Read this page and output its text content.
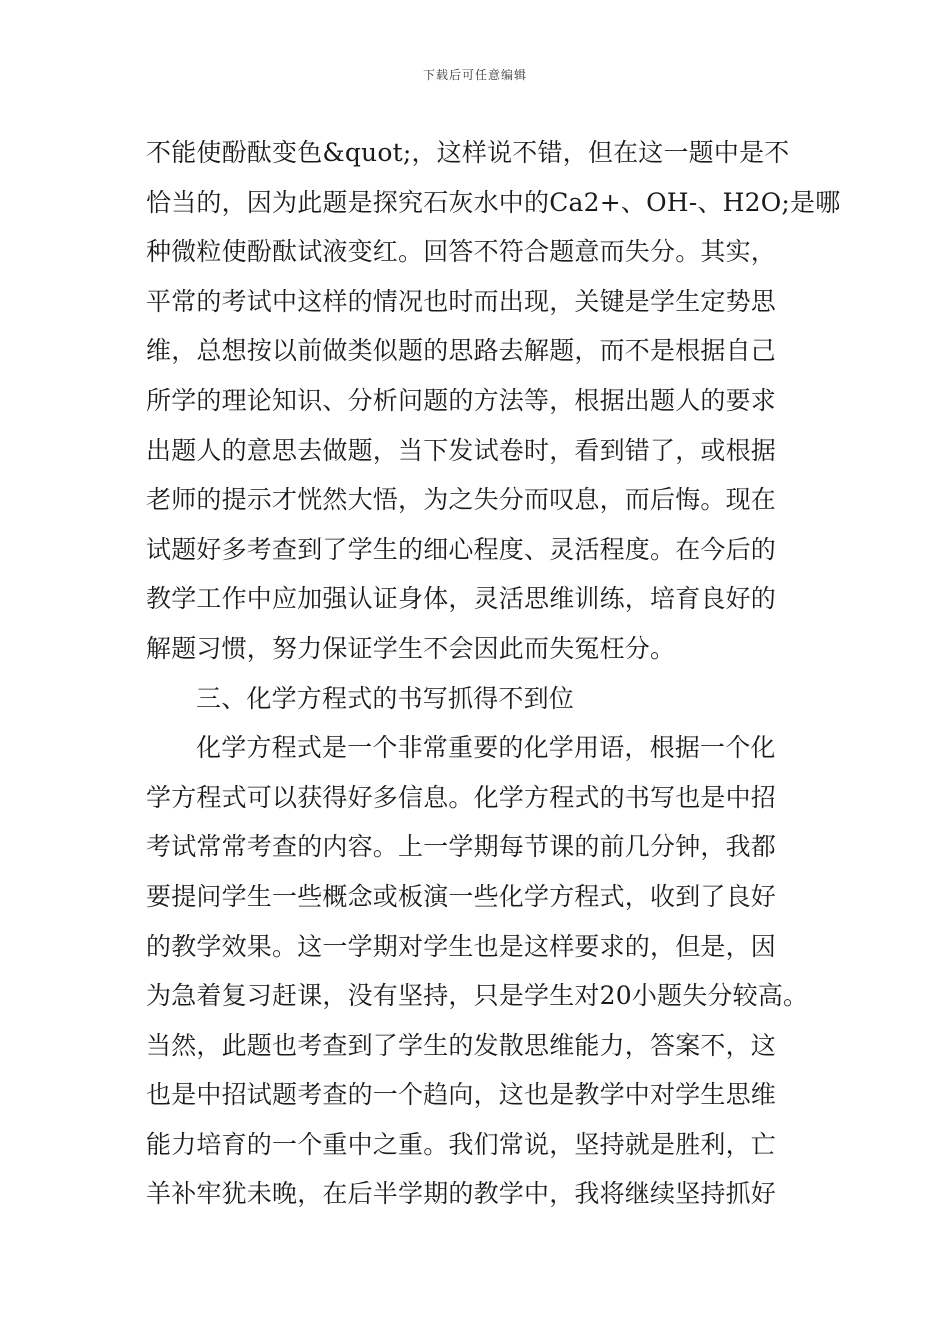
下载后可任意编辑
不能使酚酞变色&quot;，这样说不错，但在这一题中是不
恰当的，因为此题是探究石灰水中的Ca2+、OH-、H2O;是哪
种微粒使酚酞试液变红。回答不符合题意而失分。其实，
平常的考试中这样的情况也时而出现，关键是学生定势思
维，总想按以前做类似题的思路去解题，而不是根据自己
所学的理论知识、分析问题的方法等，根据出题人的要求
出题人的意思去做题，当下发试卷时，看到错了，或根据
老师的提示才恍然大悟，为之失分而叹息，而后悔。现在
试题好多考查到了学生的细心程度、灵活程度。在今后的
教学工作中应加强认证身体，灵活思维训练，培育良好的
解题习惯，努力保证学生不会因此而失冤枉分。
三、化学方程式的书写抓得不到位
化学方程式是一个非常重要的化学用语，根据一个化
学方程式可以获得好多信息。化学方程式的书写也是中招
考试常常考查的内容。上一学期每节课的前几分钟，我都
要提问学生一些概念或板演一些化学方程式，收到了良好
的教学效果。这一学期对学生也是这样要求的，但是，因
为急着复习赶课，没有坚持，只是学生对20小题失分较高。
当然，此题也考查到了学生的发散思维能力，答案不，这
也是中招试题考查的一个趋向，这也是教学中对学生思维
能力培育的一个重中之重。我们常说，坚持就是胜利，亡
羊补牢犹未晚，在后半学期的教学中，我将继续坚持抓好
